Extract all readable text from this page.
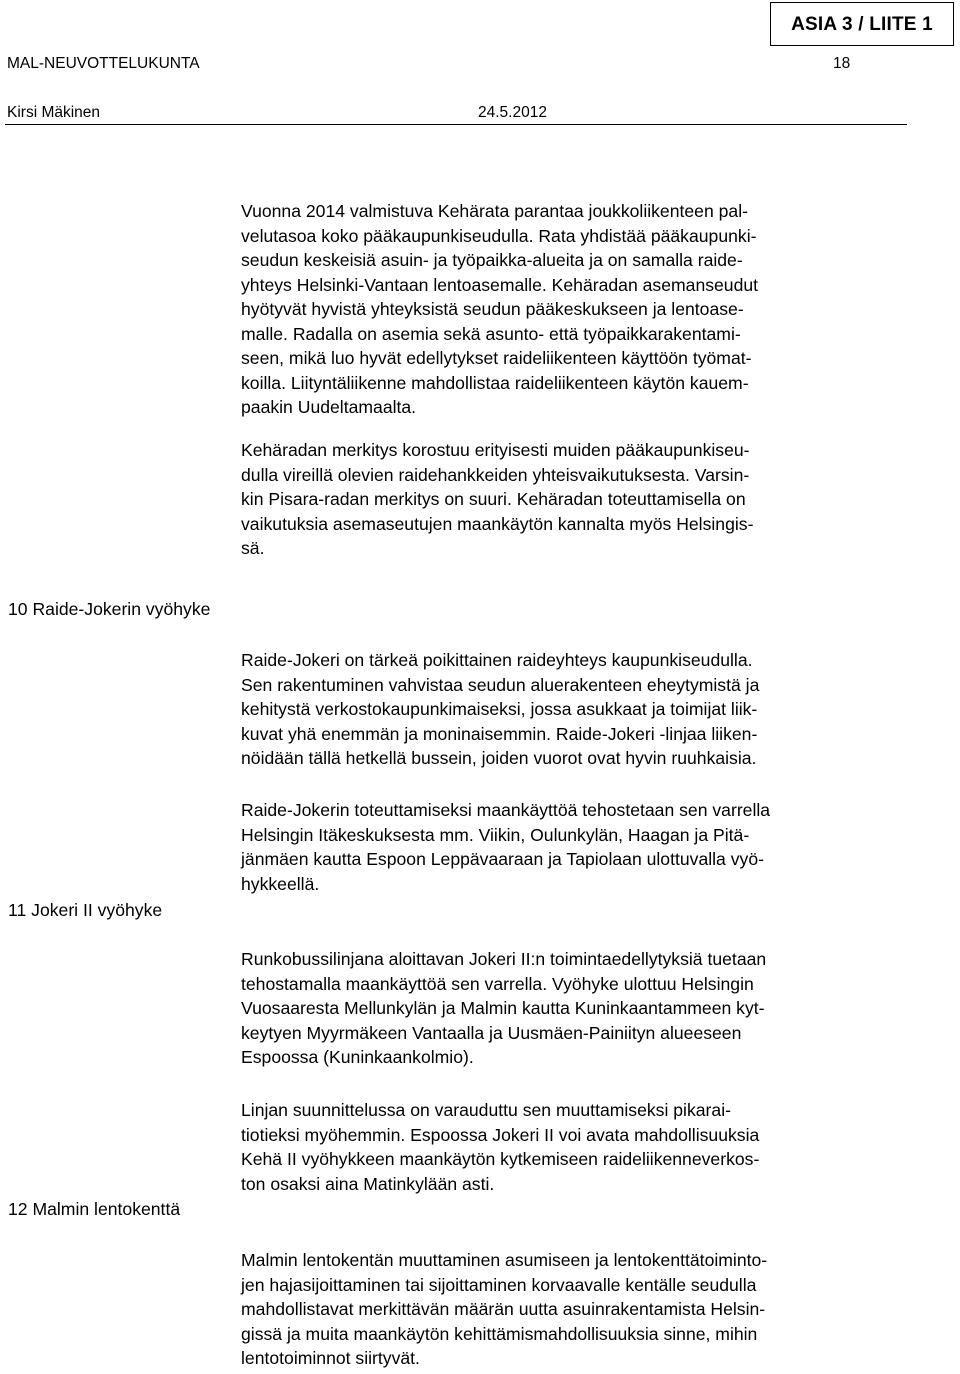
ASIA 3 / LIITE 1
MAL-NEUVOTTELUKUNTA	18
Kirsi Mäkinen	24.5.2012

Vuonna 2014 valmistuva Kehärata parantaa joukkoliikenteen pal-
velutasoa koko pääkaupunkiseudulla. Rata yhdistää pääkaupunki-
seudun keskeisiä asuin- ja työpaikka-alueita ja on samalla raide-
yhteys Helsinki-Vantaan lentoasemalle. Kehäradan asemanseudut
hyötyvät hyvistä yhteyksistä seudun pääkeskukseen ja lentoase-
malle. Radalla on asemia sekä asunto- että työpaikkarakentami-
seen, mikä luo hyvät edellytykset raideliikenteen käyttöön työmat-
koilla. Liityntäliikenne mahdollistaa raideliikenteen käytön kauem-
paakin Uudeltamaalta.

Kehäradan merkitys korostuu erityisesti muiden pääkaupunkiseu-
dulla vireillä olevien raidehankkeiden yhteisvaikutuksesta. Varsin-
kin Pisara-radan merkitys on suuri. Kehäradan toteuttamisella on
vaikutuksia asemaseutujen maankäytön kannalta myös Helsingis-
sä.

10 Raide-Jokerin vyöhyke

Raide-Jokeri on tärkeä poikittainen raideyhteys kaupunkiseudulla.
Sen rakentuminen vahvistaa seudun aluerakenteen eheytymistä ja
kehitystä verkostokaupunkimaiseksi, jossa asukkaat ja toimijat liik-
kuvat yhä enemmän ja moninaisemmin. Raide-Jokeri -linjaa liiken-
nöidään tällä hetkellä bussein, joiden vuorot ovat hyvin ruuhkaisia.

Raide-Jokerin toteuttamiseksi maankäyttöä tehostetaan sen varrella
Helsingin Itäkeskuksesta mm. Viikin, Oulunkylän, Haagan ja Pitä-
jänmäen kautta Espoon Leppävaaraan ja Tapiolaan ulottuvalla vyö-
hykkeellä.

11 Jokeri II vyöhyke

Runkobussilinjana aloittavan Jokeri II:n toimintaedellytyksiä tuetaan
tehostamalla maankäyttöä sen varrella. Vyöhyke ulottuu Helsingin
Vuosaaresta Mellunkylän ja Malmin kautta Kuninkaantammeen kyt-
keytyen Myyrmäkeen Vantaalla ja Uusmäen-Painiityn alueeseen
Espoossa (Kuninkaankolmio).

Linjan suunnittelussa on varauduttu sen muuttamiseksi pikarai-
tiotieksi myöhemmin. Espoossa Jokeri II voi avata mahdollisuuksia
Kehä II vyöhykkeen maankäytön kytkemiseen raideliikenneverkos-
ton osaksi aina Matinkylään asti.

12 Malmin lentokenttä

Malmin lentokentän muuttaminen asumiseen ja lentokenttätoiminto-
jen hajasijoittaminen tai sijoittaminen korvaavalle kentälle seudulla
mahdollistavat merkittävän määrän uutta asuinrakentamista Helsin-
gissä ja muita maankäytön kehittämismahdollisuuksia sinne, mihin
lentotoiminnot siirtyvät.
